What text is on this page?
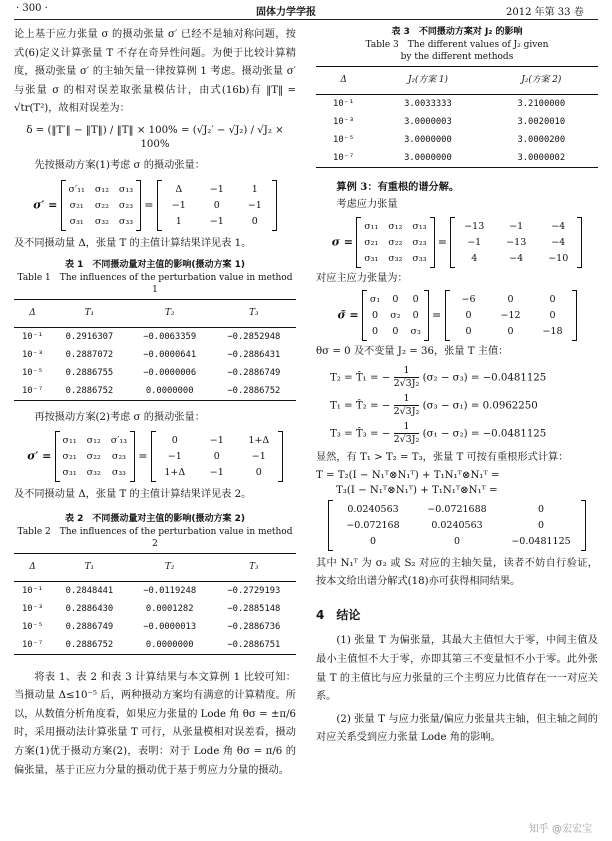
· 300 ·	固体力学学报	2012 年第 33 卷

论上基于应力张量 σ 的摄动张量 σ′ 已经不是轴对称问题，按式(6)定义计算张量 T 不存在奇异性问题。为便于比较计算精度，摄动张量 σ′ 的主轴矢量一律按算例 1 考虑。摄动张量 σ′ 与张量 σ 的相对误差取张量模估计，由式(16b)有 ‖T‖ = √tr(T²)，故相对误差为：

δ = (‖T′‖ − ‖T‖) / ‖T‖ × 100% = (√J₂′ − √J₂) / √J₂ × 100%

先按摄动方案(1)考虑 σ 的摄动张量：

σ′ =
σ′₁₁ σ₁₂ σ₁₃
σ₂₁ σ₂₂ σ₂₃
σ₃₁ σ₃₂ σ₃₃
=
Δ	−1	1
−1	0	−1
1	−1	0

及不同摄动量 Δ，张量 T 的主值计算结果详见表 1。

表 1　不同摄动量对主值的影响(摄动方案 1)
Table 1　The influences of the perturbation value in method 1
Δ	T₁	T₂	T₃
10⁻¹	0.2916307	−0.0063359	−0.2852948
10⁻³	0.2887072	−0.0000641	−0.2886431
10⁻⁵	0.2886755	−0.0000006	−0.2886749
10⁻⁷	0.2886752	0.0000000	−0.2886752

再按摄动方案(2)考虑 σ 的摄动张量：

σ′ =
σ₁₁ σ₁₂ σ′₁₃
σ₂₁ σ₂₂ σ₂₃
σ₃₁ σ₃₂ σ₃₃
=
0	−1	1+Δ
−1	0	−1
1+Δ	−1	0

及不同摄动量 Δ，张量 T 的主值计算结果详见表 2。

表 2　不同摄动量对主值的影响(摄动方案 2)
Table 2　The influences of the perturbation value in method 2
Δ	T₁	T₂	T₃
10⁻¹	0.2848441	−0.0119248	−0.2729193
10⁻³	0.2886430	0.0001282	−0.2885148
10⁻⁵	0.2886749	−0.0000013	−0.2886736
10⁻⁷	0.2886752	0.0000000	−0.2886751

将表 1、表 2 和表 3 计算结果与本文算例 1 比较可知：当摄动量 Δ≤10⁻⁵ 后，两种摄动方案均有满意的计算精度。所以，从数值分析角度看，如果应力张量的 Lode 角 θσ = ±π/6 时，采用摄动法计算张量 T 可行，从张量模相对误差看，摄动方案(1)优于摄动方案(2)，表明：对于 Lode 角 θσ = π/6 的偏张量，基于正应力分量的摄动优于基于剪应力分量的摄动。

表 3　不同摄动方案对 J₂ 的影响
Table 3　The different values of J₂ given
by the different methods
Δ	J₂(方案 1)	J₂(方案 2)
10⁻¹	3.0033333	3.2100000
10⁻³	3.0000003	3.0020010
10⁻⁵	3.0000000	3.0000200
10⁻⁷	3.0000000	3.0000002

算例 3：有重根的谱分解。

考虑应力张量

σ =
σ₁₁ σ₁₂ σ₁₃
σ₂₁ σ₂₂ σ₂₃
σ₃₁ σ₃₂ σ₃₃
=
−13	−1	−4
−1	−13	−4
4	−4	−10

对应主应力张量为：

σ̃ =
σ₁ 0 0
0 σ₂ 0
0 0 σ₃
=
−6	0	0
0	−12	0
0	0	−18

θσ = 0 及不变量 J₂ = 36，张量 T 主值：

T₂ = T̂₁ = − $\frac{1}{\text{2√3J₂}} (\sigma_2 - \sigma_3) = -0.0481125$
T₁ = T̂₂ = − $\frac{1}{\text{2√3J₂}} (\sigma_3 - \sigma_1) = 0.0962250$
T₃ = T̂₃ = − $\frac{1}{\text{2√3J₂}} (\sigma_1 - \sigma_2) = -0.0481125$

显然，有 T₁ > T₂ = T₃，张量 T 可按有重根形式计算：

T = T₂(I − N₁ᵀ⊗N₁ᵀ) + T₁N₁ᵀ⊗N₁ᵀ =
T₃(I − N₁ᵀ⊗N₁ᵀ) + T₁N₁ᵀ⊗N₁ᵀ =
0.0240563	−0.0721688	0
−0.072168	0.0240563	0
0	0	−0.0481125

其中 N₁ᵀ 为 σ₂ 或 S₂ 对应的主轴矢量，读者不妨自行验证，按本文给出谱分解式(18)亦可获得相同结果。

4　结论

(1) 张量 T 为偏张量，其最大主值恒大于零，中间主值及最小主值恒不大于零，亦即其第三不变量恒不小于零。此外张量 T 的主值比与应力张量的三个主剪应力比值存在一一对应关系。

(2) 张量 T 与应力张量/偏应力张量共主轴，但主轴之间的对应关系受到应力张量 Lode 角的影响。

知乎 @宏宏宝
